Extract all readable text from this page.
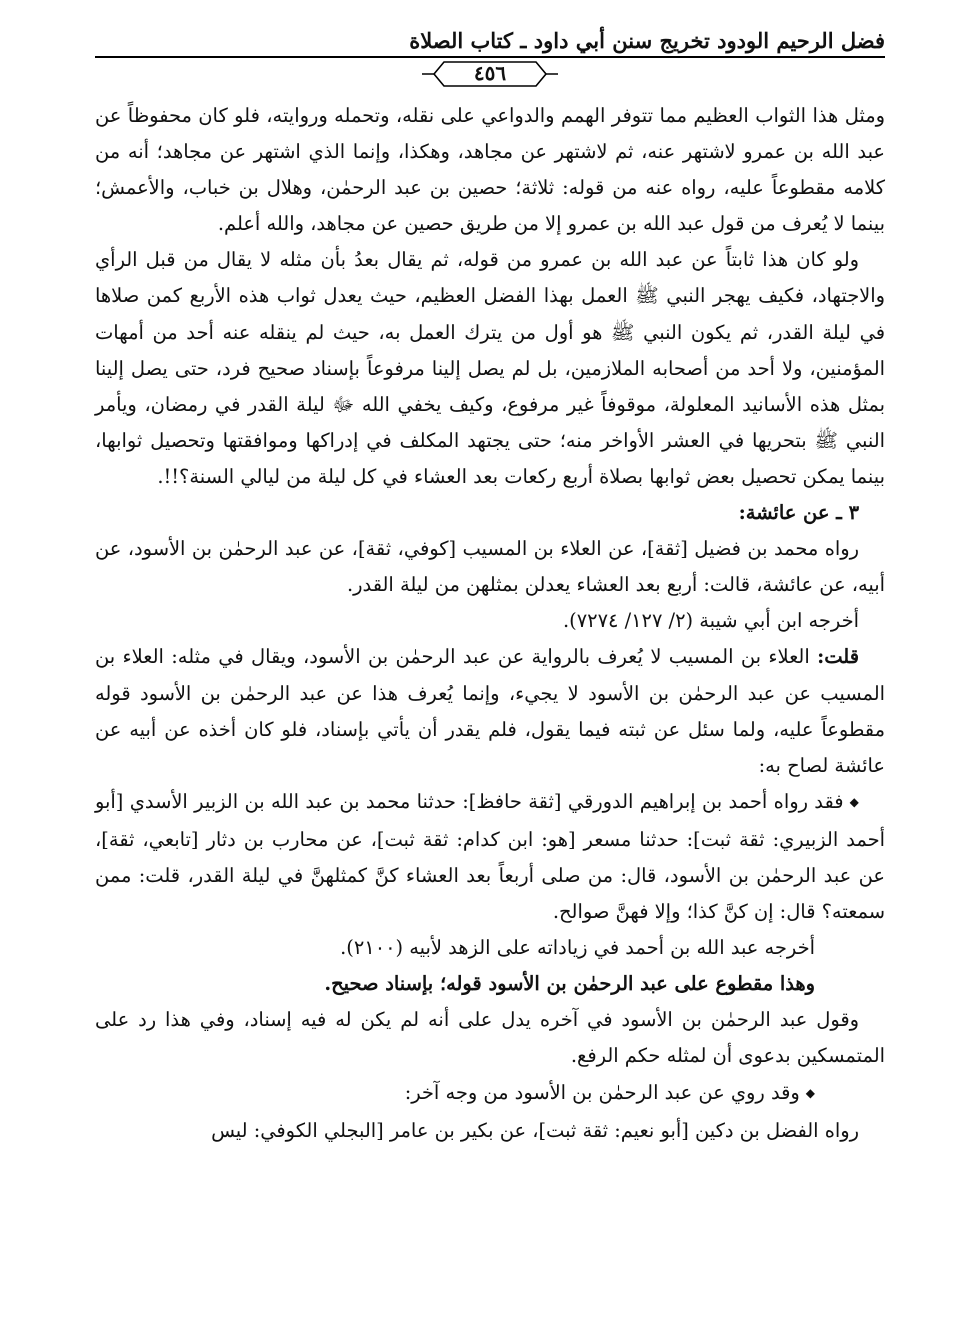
فضل الرحيم الودود تخريج سنن أبي داود ـ كتاب الصلاة
٤٥٦

ومثل هذا الثواب العظيم مما تتوفر الهمم والدواعي على نقله، وتحمله وروايته، فلو كان محفوظاً عن عبد الله بن عمرو لاشتهر عنه، ثم لاشتهر عن مجاهد، وهكذا، وإنما الذي اشتهر عن مجاهد؛ أنه من كلامه مقطوعاً عليه، رواه عنه من قوله: ثلاثة؛ حصين بن عبد الرحمٰن، وهلال بن خباب، والأعمش؛ بينما لا يُعرف من قول عبد الله بن عمرو إلا من طريق حصين عن مجاهد، والله أعلم.

ولو كان هذا ثابتاً عن عبد الله بن عمرو من قوله، ثم يقال بعدُ بأن مثله لا يقال من قبل الرأي والاجتهاد، فكيف يهجر النبي ﷺ العمل بهذا الفضل العظيم، حيث يعدل ثواب هذه الأربع كمن صلاها في ليلة القدر، ثم يكون النبي ﷺ هو أول من يترك العمل به، حيث لم ينقله عنه أحد من أمهات المؤمنين، ولا أحد من أصحابه الملازمين، بل لم يصل إلينا مرفوعاً بإسناد صحيح فرد، حتى يصل إلينا بمثل هذه الأسانيد المعلولة، موقوفاً غير مرفوع، وكيف يخفي الله ﷻ ليلة القدر في رمضان، ويأمر النبي ﷺ بتحريها في العشر الأواخر منه؛ حتى يجتهد المكلف في إدراكها وموافقتها وتحصيل ثوابها، بينما يمكن تحصيل بعض ثوابها بصلاة أربع ركعات بعد العشاء في كل ليلة من ليالي السنة؟!!.

٣ ـ عن عائشة:

رواه محمد بن فضيل [ثقة]، عن العلاء بن المسيب [كوفي، ثقة]، عن عبد الرحمٰن بن الأسود، عن أبيه، عن عائشة، قالت: أربع بعد العشاء يعدلن بمثلهن من ليلة القدر.

أخرجه ابن أبي شيبة (٢/ ١٢٧/ ٧٢٧٤).

قلت: العلاء بن المسيب لا يُعرف بالرواية عن عبد الرحمٰن بن الأسود، ويقال في مثله: العلاء بن المسيب عن عبد الرحمٰن بن الأسود لا يجيء، وإنما يُعرف هذا عن عبد الرحمٰن بن الأسود قوله مقطوعاً عليه، ولما سئل عن ثبته فيما يقول، فلم يقدر أن يأتي بإسناد، فلو كان أخذه عن أبيه عن عائشة لصاح به:

◆ فقد رواه أحمد بن إبراهيم الدورقي [ثقة حافظ]: حدثنا محمد بن عبد الله بن الزبير الأسدي [أبو أحمد الزبيري: ثقة ثبت]: حدثنا مسعر [هو: ابن كدام: ثقة ثبت]، عن محارب بن دثار [تابعي، ثقة]، عن عبد الرحمٰن بن الأسود، قال: من صلى أربعاً بعد العشاء كنَّ كمثلهنَّ في ليلة القدر، قلت: ممن سمعته؟ قال: إن كنَّ كذا؛ وإلا فهنَّ صوالح.

أخرجه عبد الله بن أحمد في زياداته على الزهد لأبيه (٢١٠٠).

وهذا مقطوع على عبد الرحمٰن بن الأسود قوله؛ بإسناد صحيح.

وقول عبد الرحمٰن بن الأسود في آخره يدل على أنه لم يكن له فيه إسناد، وفي هذا رد على المتمسكين بدعوى أن لمثله حكم الرفع.

◆ وقد روي عن عبد الرحمٰن بن الأسود من وجه آخر:

رواه الفضل بن دكين [أبو نعيم: ثقة ثبت]، عن بكير بن عامر [البجلي الكوفي: ليس
